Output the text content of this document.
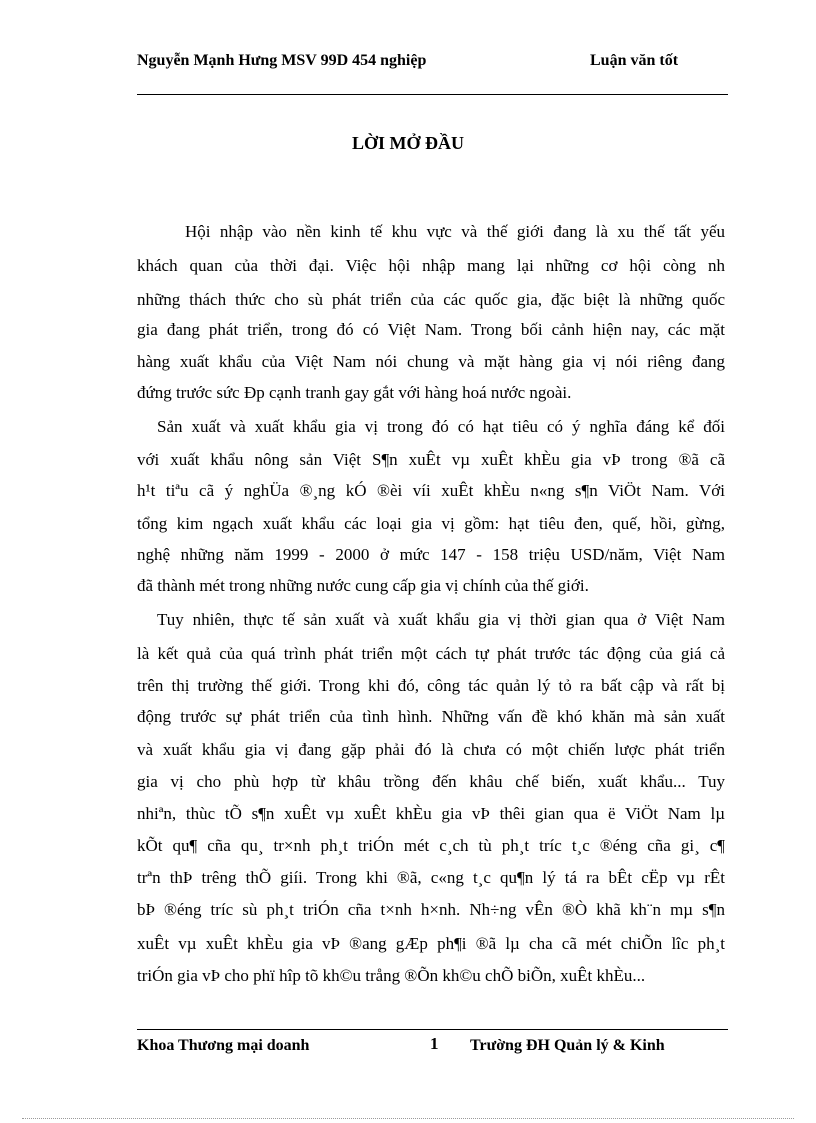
Nguyễn Mạnh Hưng MSV 99D 454 nghiệp	Luận văn tốt
LỜI MỞ ĐẦU
Hội nhập vào nền kinh tế khu vực và thế giới đang là xu thế tất yếu
khách quan của thời đại. Việc hội nhập mang lại những cơ hội còng nh
những thách thức cho sù phát triển của các quốc gia, đặc biệt là những quốc
gia đang phát triển, trong đó có Việt Nam. Trong bối cảnh hiện nay, các mặt
hàng xuất khẩu của Việt Nam nói chung và mặt hàng gia vị nói riêng đang
đứng trước sức Ðp cạnh tranh gay gắt với hàng hoá nước ngoài.
Sản xuất và xuất khẩu gia vị trong đó có hạt tiêu có ý nghĩa đáng kể đối
với xuất khẩu nông sản Việt S¶n xuÊt vµ xuÊt khÈu gia vÞ trong ®ã cã
h¹t tiªu cã ý nghÜa ®¸ng kÓ ®èi víi xuÊt khÈu n«ng s¶n ViÖt Nam. Với
tổng kim ngạch xuất khẩu các loại gia vị gồm: hạt tiêu đen, quế, hồi, gừng,
nghệ những năm 1999 - 2000 ở mức 147 - 158 triệu USD/năm, Việt Nam
đã thành mét trong những nước cung cấp gia vị chính của thế giới.
Tuy nhiên, thực tế sản xuất và xuất khẩu gia vị thời gian qua ở Việt Nam
là kết quả của quá trình phát triển một cách tự phát trước tác động của giá cả
trên thị trường thế giới. Trong khi đó, công tác quản lý tỏ ra bất cập và rất bị
động trước sự phát triển của tình hình. Những vấn đề khó khăn mà sản xuất
và xuất khẩu gia vị đang gặp phải đó là chưa có một chiến lược phát triển
gia vị cho phù hợp từ khâu trồng đến khâu chế biến, xuất khẩu... Tuy
nhiªn, thùc tÕ s¶n xuÊt vµ xuÊt khÈu gia vÞ thêi gian qua ë ViÖt Nam lµ
kÕt qu¶ cña qu¸ tr×nh ph¸t triÓn mét c¸ch tù ph¸t tríc t¸c ®éng cña gi¸ c¶
trªn thÞ trêng thÕ giíi. Trong khi ®ã, c«ng t¸c qu¶n lý tá ra bÊt cËp vµ rÊt
bÞ ®éng tríc sù ph¸t triÓn cña t×nh h×nh. Nh÷ng vÊn ®Ò khã kh¨n mµ s¶n
xuÊt vµ xuÊt khÈu gia vÞ ®ang gÆp ph¶i ®ã lµ cha cã mét chiÕn lîc ph¸t
triÓn gia vÞ cho phï hîp tõ kh©u trång ®Õn kh©u chÕ biÕn, xuÊt khÈu...
Khoa Thương mại doanh	1 Trường ĐH Quản lý & Kinh
